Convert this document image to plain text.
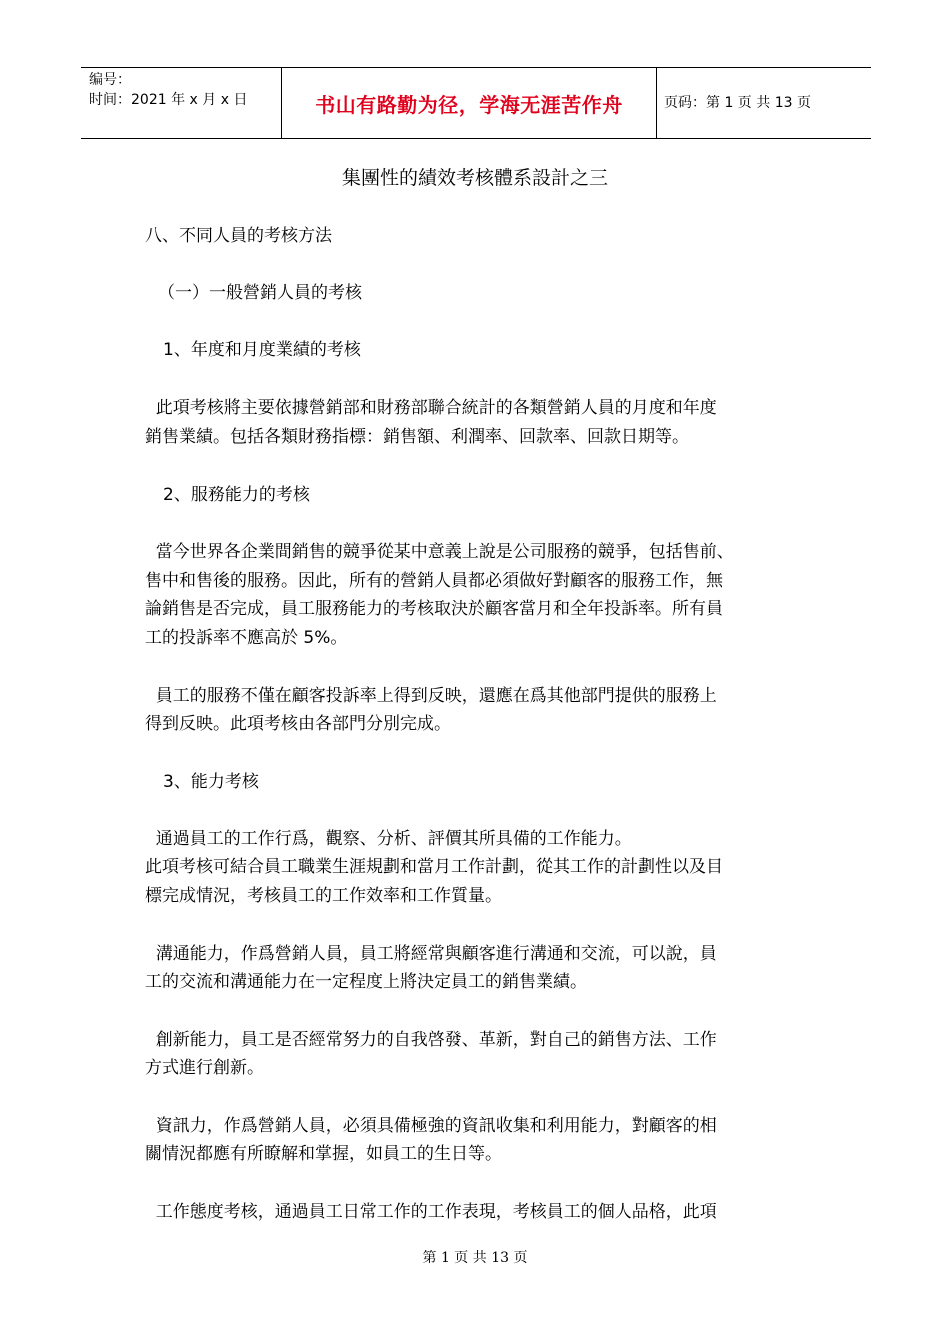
编号：
时间：2021 年 x 月 x 日	书山有路勤为径，学海无涯苦作舟	页码：第 1 页 共 13 页
集團性的績效考核體系設計之三
八、不同人員的考核方法
（一）一般營銷人員的考核
1、年度和月度業績的考核
此項考核將主要依據營銷部和財務部聯合統計的各類營銷人員的月度和年度
銷售業績。包括各類財務指標：銷售額、利潤率、回款率、回款日期等。
2、服務能力的考核
當今世界各企業間銷售的競爭從某中意義上說是公司服務的競爭，包括售前、
售中和售後的服務。因此，所有的營銷人員都必須做好對顧客的服務工作，無
論銷售是否完成，員工服務能力的考核取決於顧客當月和全年投訴率。所有員
工的投訴率不應高於 5%。
員工的服務不僅在顧客投訴率上得到反映，還應在爲其他部門提供的服務上
得到反映。此項考核由各部門分別完成。
3、能力考核
通過員工的工作行爲，觀察、分析、評價其所具備的工作能力。
此項考核可結合員工職業生涯規劃和當月工作計劃，從其工作的計劃性以及目
標完成情況，考核員工的工作效率和工作質量。
溝通能力，作爲營銷人員，員工將經常與顧客進行溝通和交流，可以說，員
工的交流和溝通能力在一定程度上將決定員工的銷售業績。
創新能力，員工是否經常努力的自我啓發、革新，對自己的銷售方法、工作
方式進行創新。
資訊力，作爲營銷人員，必須具備極強的資訊收集和利用能力，對顧客的相
關情況都應有所瞭解和掌握，如員工的生日等。
工作態度考核，通過員工日常工作的工作表現，考核員工的個人品格，此項
第 1 页 共 13 页
